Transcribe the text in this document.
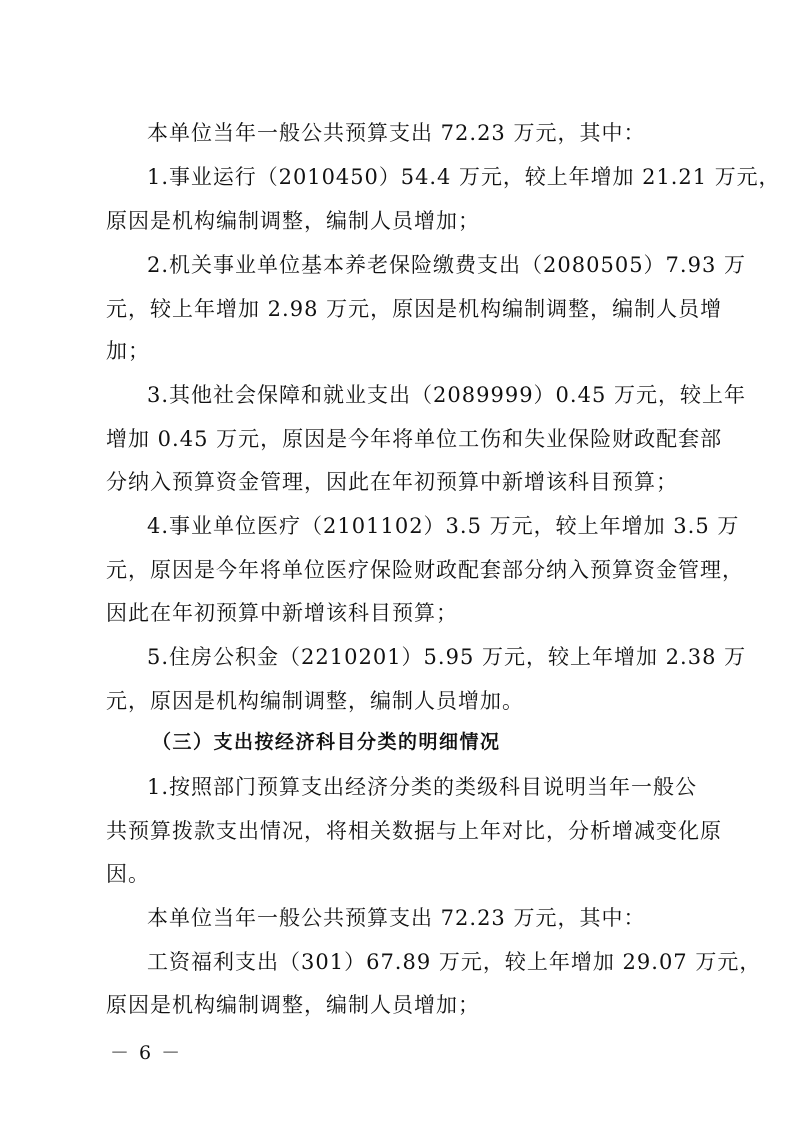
本单位当年一般公共预算支出 72.23 万元，其中：
1.事业运行（2010450）54.4 万元，较上年增加 21.21 万元，
原因是机构编制调整，编制人员增加；
2.机关事业单位基本养老保险缴费支出（2080505）7.93 万
元，较上年增加 2.98 万元，原因是机构编制调整，编制人员增
加；
3.其他社会保障和就业支出（2089999）0.45 万元，较上年
增加 0.45 万元，原因是今年将单位工伤和失业保险财政配套部
分纳入预算资金管理，因此在年初预算中新增该科目预算；
4.事业单位医疗（2101102）3.5 万元，较上年增加 3.5 万
元，原因是今年将单位医疗保险财政配套部分纳入预算资金管理，
因此在年初预算中新增该科目预算；
5.住房公积金（2210201）5.95 万元，较上年增加 2.38 万
元，原因是机构编制调整，编制人员增加。
（三）支出按经济科目分类的明细情况
1.按照部门预算支出经济分类的类级科目说明当年一般公
共预算拨款支出情况，将相关数据与上年对比，分析增减变化原
因。
本单位当年一般公共预算支出 72.23 万元，其中：
工资福利支出（301）67.89 万元，较上年增加 29.07 万元，
原因是机构编制调整，编制人员增加；
－ 6 －
